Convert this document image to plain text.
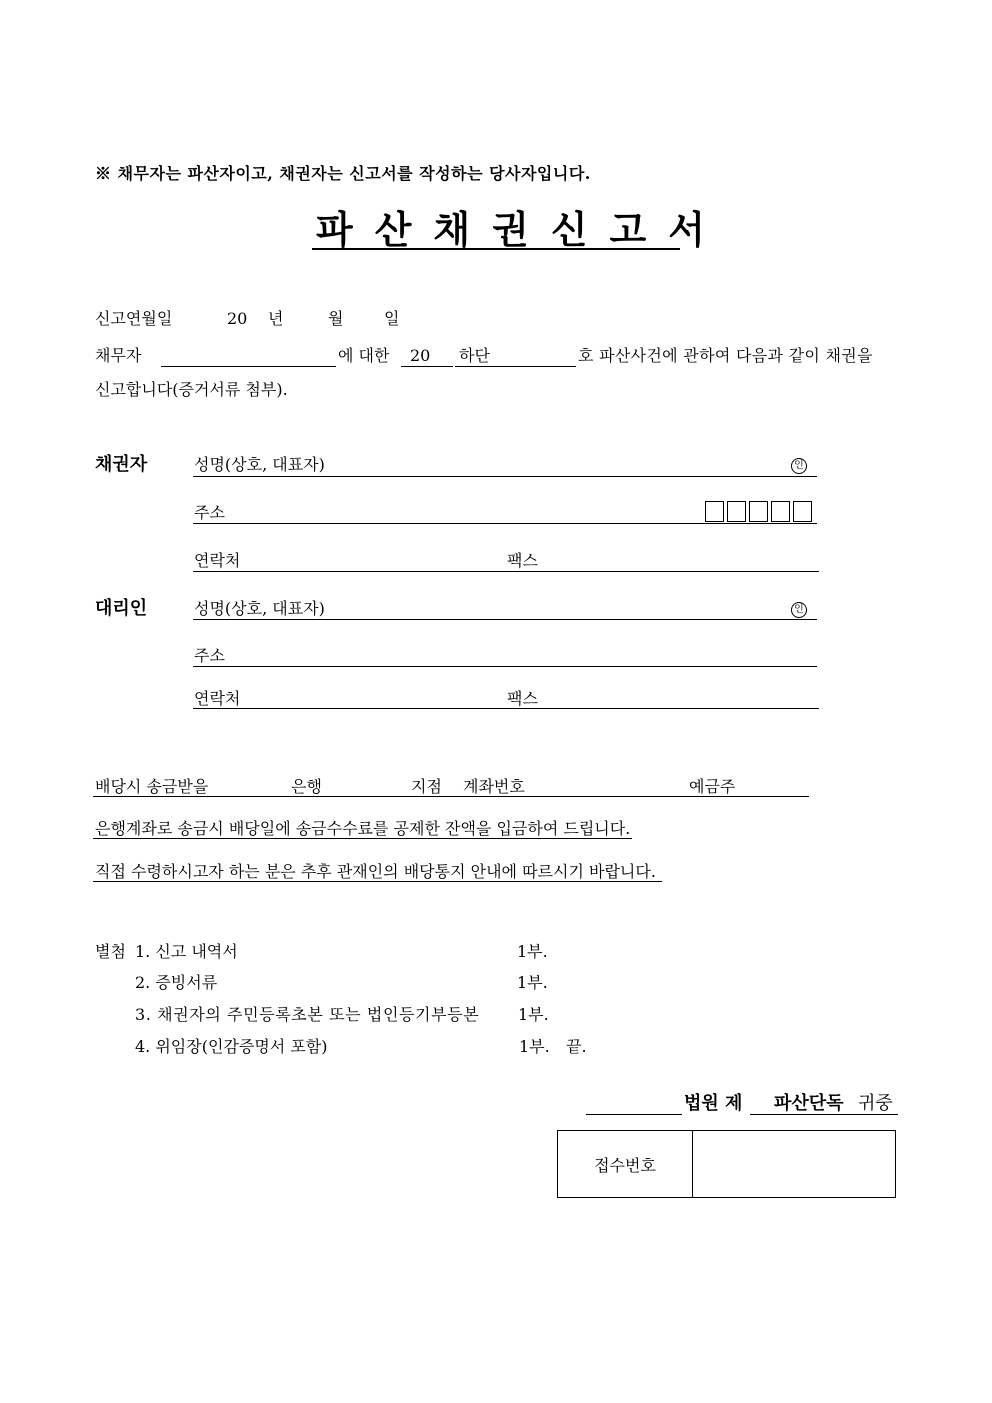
※ 채무자는 파산자이고, 채권자는 신고서를 작성하는 당사자입니다.
파산채권신고서
신고연월일	20 년	월	일
채무자	에 대한 20 하단	호 파산사건에 관하여 다음과 같이 채권을
신고합니다(증거서류 첨부).
채권자	성명(상호, 대표자)	인
주소
연락처	팩스
대리인	성명(상호, 대표자)	인
주소
연락처	팩스
배당시 송금받을	은행	지점 계좌번호	예금주
은행계좌로 송금시 배당일에 송금수수료를 공제한 잔액을 입금하여 드립니다.
직접 수령하시고자 하는 분은 추후 관재인의 배당통지 안내에 따르시기 바랍니다.
별첨 1. 신고 내역서	1부.
2. 증빙서류	1부.
3. 채권자의 주민등록초본 또는 법인등기부등본 1부.
4. 위임장(인감증명서 포함)	1부. 끝.
법원 제 파산단독 귀중
접수번호
